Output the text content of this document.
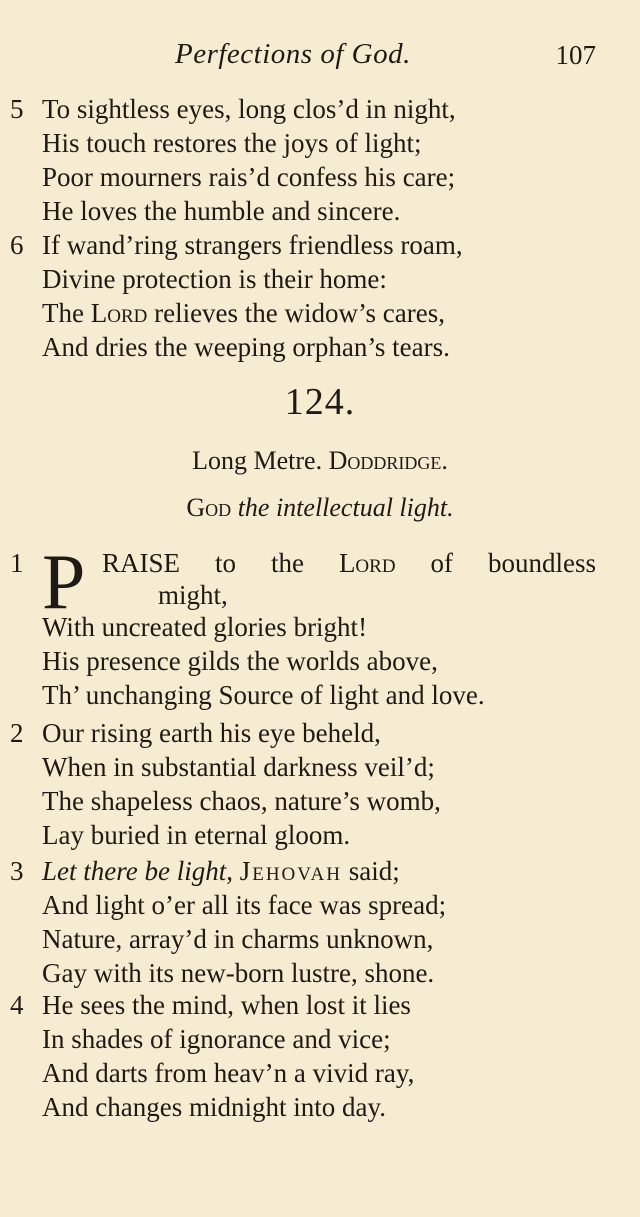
Perfections of God.	107
5 To sightless eyes, long clos’d in night,
His touch restores the joys of light;
Poor mourners rais’d confess his care;
He loves the humble and sincere.
6 If wand’ring strangers friendless roam,
Divine protection is their home:
The Lord relieves the widow’s cares,
And dries the weeping orphan’s tears.
124.
Long Metre. Doddridge.
God the intellectual light.
1 P RAISE to the Lord of boundless
might,
With uncreated glories bright!
His presence gilds the worlds above,
Th’ unchanging Source of light and love.
2 Our rising earth his eye beheld,
When in substantial darkness veil’d;
The shapeless chaos, nature’s womb,
Lay buried in eternal gloom.
3 Let there be light, Jehovah said;
And light o’er all its face was spread;
Nature, array’d in charms unknown,
Gay with its new-born lustre, shone.
4 He sees the mind, when lost it lies
In shades of ignorance and vice;
And darts from heav’n a vivid ray,
And changes midnight into day.
